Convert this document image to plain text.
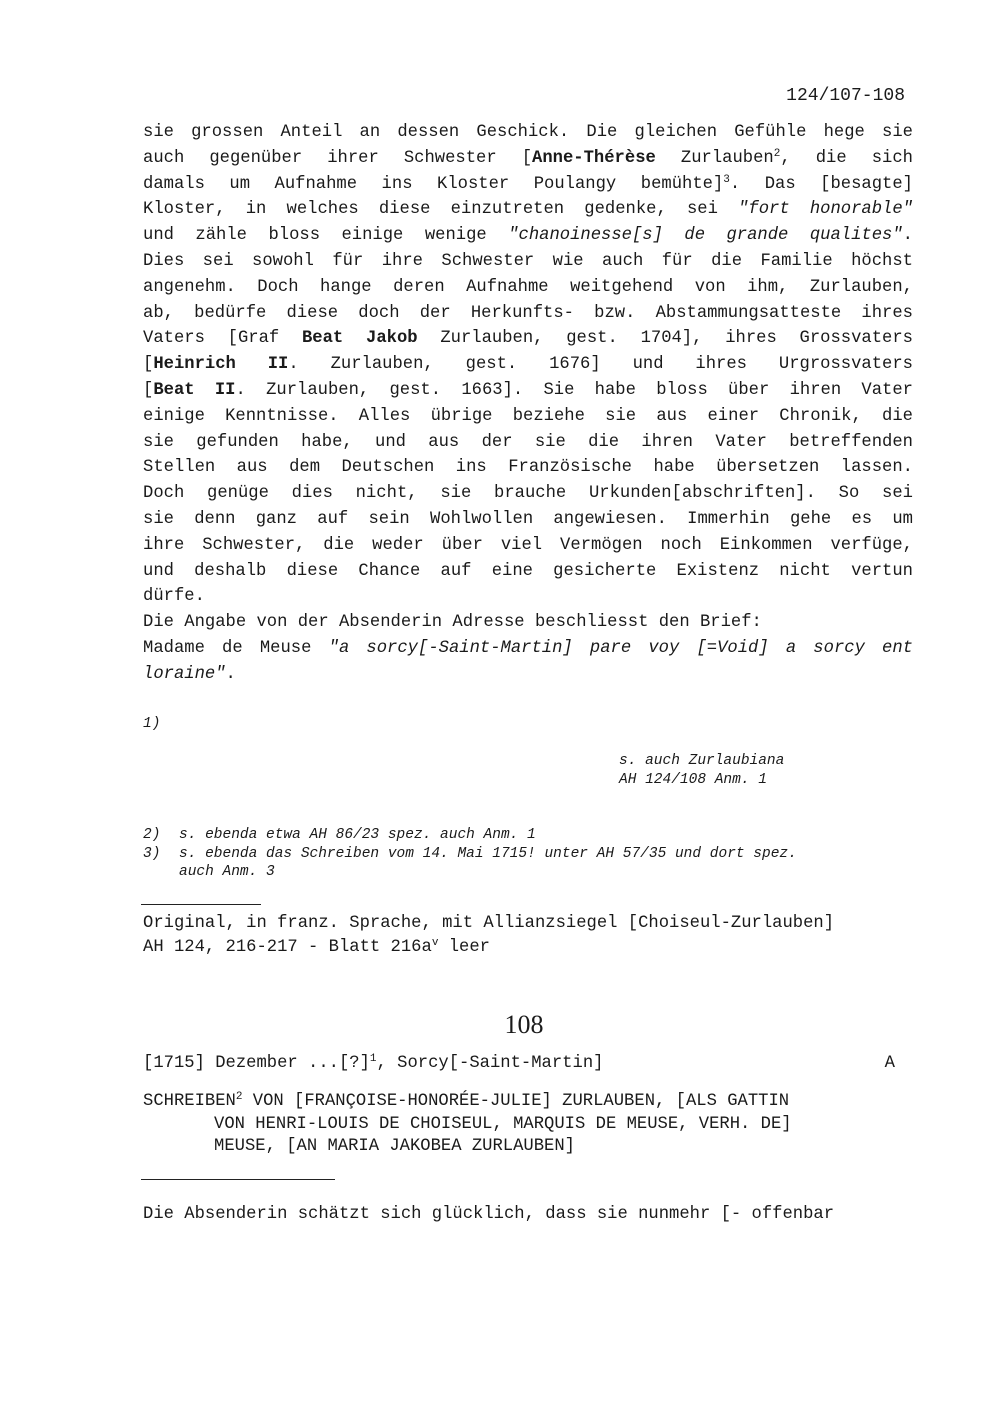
124/107-108
sie grossen Anteil an dessen Geschick. Die gleichen Gefühle hege sie
auch gegenüber ihrer Schwester [Anne-Thérèse Zurlauben$^2$, die sich
damals um Aufnahme ins Kloster Poulangy bemühte]$^3$. Das [besagte]
Kloster, in welches diese einzutreten gedenke, sei "fort honorable"
und zähle bloss einige wenige "chanoinesse[s] de grande qualites".
Dies sei sowohl für ihre Schwester wie auch für die Familie höchst
angenehm. Doch hange deren Aufnahme weitgehend von ihm, Zurlauben,
ab, bedürfe diese doch der Herkunfts- bzw. Abstammungsatteste ihres
Vaters [Graf Beat Jakob Zurlauben, gest. 1704], ihres Grossvaters
[Heinrich II. Zurlauben, gest. 1676] und ihres Urgrossvaters
[Beat II. Zurlauben, gest. 1663]. Sie habe bloss über ihren Vater
einige Kenntnisse. Alles übrige beziehe sie aus einer Chronik, die
sie gefunden habe, und aus der sie die ihren Vater betreffenden
Stellen aus dem Deutschen ins Französische habe übersetzen lassen.
Doch genüge dies nicht, sie brauche Urkunden[abschriften]. So sei
sie denn ganz auf sein Wohlwollen angewiesen. Immerhin gehe es um
ihre Schwester, die weder über viel Vermögen noch Einkommen verfüge,
und deshalb diese Chance auf eine gesicherte Existenz nicht vertun
dürfe.
Die Angabe von der Absenderin Adresse beschliesst den Brief:
Madame de Meuse "a sorcy[-Saint-Martin] pare voy [=Void] a sorcy ent
loraine".
1)
s. auch Zurlaubiana
AH 124/108 Anm. 1
2)	s. ebenda etwa AH 86/23 spez. auch Anm. 1
3)	s. ebenda das Schreiben vom 14. Mai 1715! unter AH 57/35 und dort spez.
auch Anm. 3
Original, in franz. Sprache, mit Allianzsiegel [Choiseul-Zurlauben]
AH 124, 216-217 - Blatt $216a^v$ leer
108
[1715] Dezember ...[?]$^1$, Sorcy[-Saint-Martin]	A
SCHREIBEN$^2$ VON [FRANÇOISE-HONORÉE-JULIE] ZURLAUBEN, [ALS GATTIN
VON HENRI-LOUIS DE CHOISEUL, MARQUIS DE MEUSE, VERH. DE]
MEUSE, [AN MARIA JAKOBEA ZURLAUBEN]
Die Absenderin schätzt sich glücklich, dass sie nunmehr [- offenbar
